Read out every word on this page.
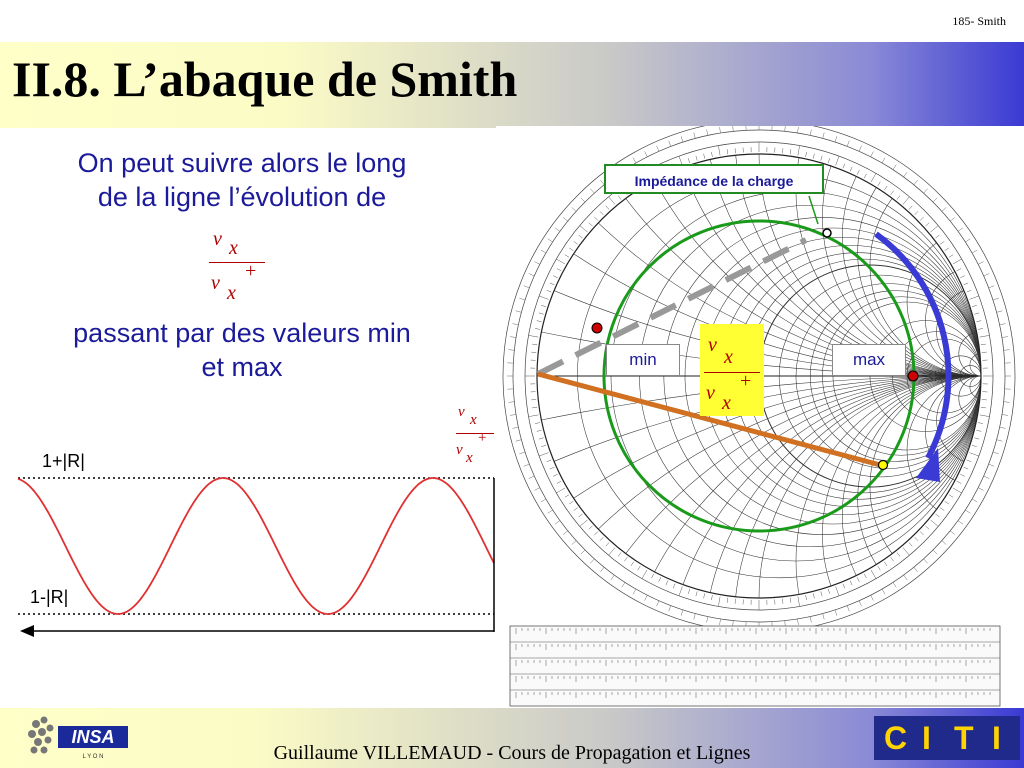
185- Smith
II.8. L’abaque de Smith
On peut suivre alors le long
de la ligne l’évolution de
v x
v x
+
passant par des valeurs min
et max
v x
v x
+
1+|R|
1-|R|
Impédance de la charge
min	max
v
x
v x
+
INSA
L Y O N	Guillaume VILLEMAUD - Cours de Propagation et Lignes	C I T I
